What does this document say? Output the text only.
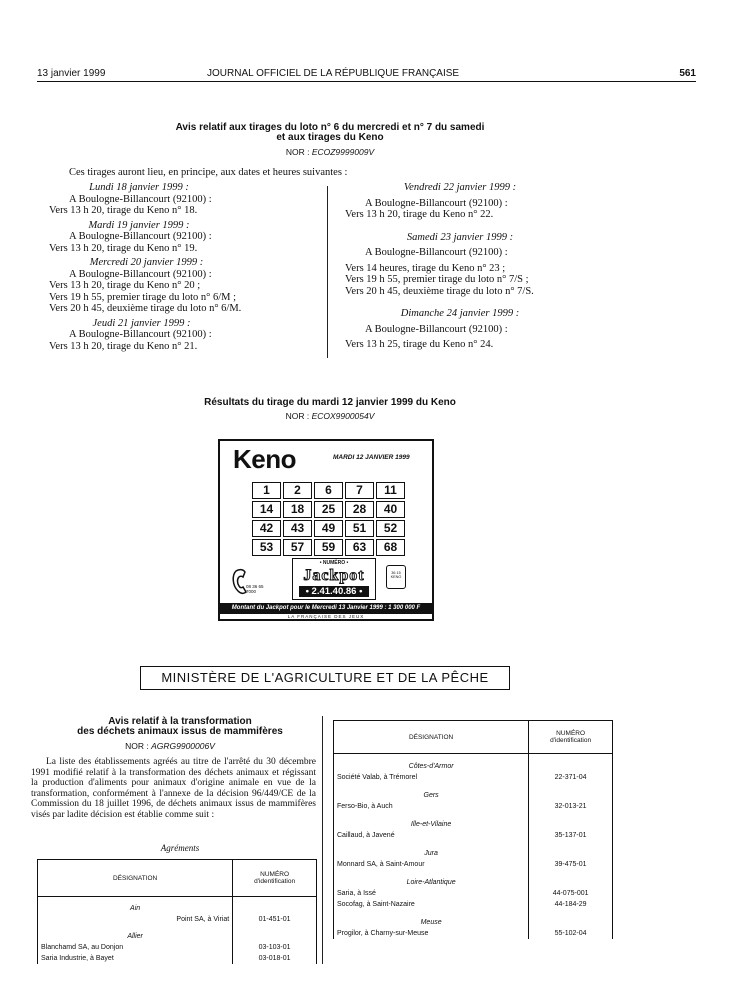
13 janvier 1999	JOURNAL OFFICIEL DE LA RÉPUBLIQUE FRANÇAISE	561
Avis relatif aux tirages du loto n° 6 du mercredi et n° 7 du samedi
et aux tirages du Keno
NOR : ECOZ9999009V
Ces tirages auront lieu, en principe, aux dates et heures suivantes :
Lundi 18 janvier 1999 :
A Boulogne-Billancourt (92100) :
Vers 13 h 20, tirage du Keno n° 18.
Mardi 19 janvier 1999 :
A Boulogne-Billancourt (92100) :
Vers 13 h 20, tirage du Keno n° 19.
Mercredi 20 janvier 1999 :
A Boulogne-Billancourt (92100) :
Vers 13 h 20, tirage du Keno n° 20 ;
Vers 19 h 55, premier tirage du loto n° 6/M ;
Vers 20 h 45, deuxième tirage du loto n° 6/M.
Jeudi 21 janvier 1999 :
A Boulogne-Billancourt (92100) :
Vers 13 h 20, tirage du Keno n° 21.
Vendredi 22 janvier 1999 :
A Boulogne-Billancourt (92100) :
Vers 13 h 20, tirage du Keno n° 22.
Samedi 23 janvier 1999 :
A Boulogne-Billancourt (92100) :
Vers 14 heures, tirage du Keno n° 23 ;
Vers 19 h 55, premier tirage du loto n° 7/S ;
Vers 20 h 45, deuxième tirage du loto n° 7/S.
Dimanche 24 janvier 1999 :
A Boulogne-Billancourt (92100) :
Vers 13 h 25, tirage du Keno n° 24.
Résultats du tirage du mardi 12 janvier 1999 du Keno
NOR : ECOX9900054V
Keno	MARDI 12 JANVIER 1999
1	2	6	7	11
14	18	25	28	40
42	43	49	51	52
53	57	59	63	68
08 36 65 7000
• NUMÉRO •
Jackpot
• 2.41.40.86 •
36 15 KENO
Montant du Jackpot pour le Mercredi 13 Janvier 1999 : 1 300 000 F
LA FRANÇAISE DES JEUX
MINISTÈRE DE L'AGRICULTURE ET DE LA PÊCHE
Avis relatif à la transformation
des déchets animaux issus de mammifères
NOR : AGRG9900006V
La liste des établissements agréés au titre de l'arrêté du 30 décembre 1991 modifié relatif à la transformation des déchets animaux et régissant la production d'aliments pour animaux d'origine animale en vue de la transformation, conformément à l'annexe de la décision 96/449/CE de la Commission du 18 juillet 1996, de déchets animaux issus de mammifères visés par ladite décision est établie comme suit :
Agréments
DÉSIGNATION	NUMÉRO
d'identification

Ain	
Point SA, à Viriat	01-451-01
Allier	
Blanchamd SA, au Donjon	03-103-01
Saria Industrie, à Bayet	03-018-01
DÉSIGNATION	NUMÉRO
d'identification

Côtes-d'Armor	
Société Valab, à Trémorel	22-371-04
Gers	
Ferso-Bio, à Auch	32-013-21
Ille-et-Vilaine	
Caillaud, à Javené	35-137-01
Jura	
Monnard SA, à Saint-Amour	39-475-01
Loire-Atlantique	
Saria, à Issé	44-075-001
Socofag, à Saint-Nazaire	44-184-29
Meuse	
Progilor, à Charny-sur-Meuse	55-102-04
